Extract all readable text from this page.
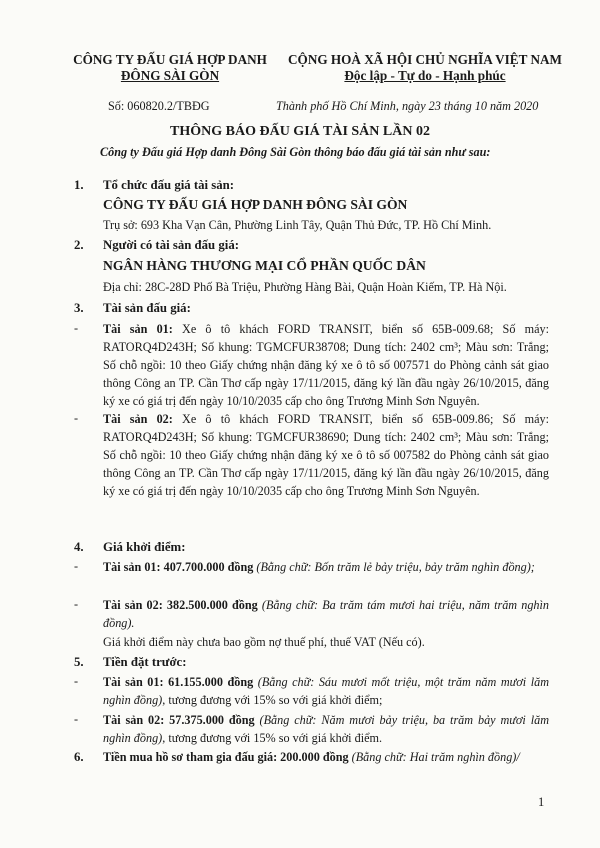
CÔNG TY ĐẤU GIÁ HỢP DANH
ĐÔNG SÀI GÒN
CỘNG HOÀ XÃ HỘI CHỦ NGHĨA VIỆT NAM
Độc lập - Tự do - Hạnh phúc
Số: 060820.2/TBĐG	Thành phố Hồ Chí Minh, ngày 23 tháng 10 năm 2020
THÔNG BÁO ĐẤU GIÁ TÀI SẢN LẦN 02
Công ty Đấu giá Hợp danh Đông Sài Gòn thông báo đấu giá tài sản như sau:
1. Tổ chức đấu giá tài sản:
CÔNG TY ĐẤU GIÁ HỢP DANH ĐÔNG SÀI GÒN
Trụ sở: 693 Kha Vạn Cân, Phường Linh Tây, Quận Thủ Đức, TP. Hồ Chí Minh.
2. Người có tài sản đấu giá:
NGÂN HÀNG THƯƠNG MẠI CỔ PHẦN QUỐC DÂN
Địa chỉ: 28C-28D Phố Bà Triệu, Phường Hàng Bài, Quận Hoàn Kiếm, TP. Hà Nội.
3. Tài sản đấu giá:
- Tài sản 01: Xe ô tô khách FORD TRANSIT, biển số 65B-009.68; Số máy: RATORQ4D243H; Số khung: TGMCFUR38708; Dung tích: 2402 cm³; Màu sơn: Trắng; Số chỗ ngồi: 10 theo Giấy chứng nhận đăng ký xe ô tô số 007571 do Phòng cảnh sát giao thông Công an TP. Cần Thơ cấp ngày 17/11/2015, đăng ký lần đầu ngày 26/10/2015, đăng ký xe có giá trị đến ngày 10/10/2035 cấp cho ông Trương Minh Sơn Nguyên.
- Tài sản 02: Xe ô tô khách FORD TRANSIT, biển số 65B-009.86; Số máy: RATORQ4D243H; Số khung: TGMCFUR38690; Dung tích: 2402 cm³; Màu sơn: Trắng; Số chỗ ngồi: 10 theo Giấy chứng nhận đăng ký xe ô tô số 007582 do Phòng cảnh sát giao thông Công an TP. Cần Thơ cấp ngày 17/11/2015, đăng ký lần đầu ngày 26/10/2015, đăng ký xe có giá trị đến ngày 10/10/2035 cấp cho ông Trương Minh Sơn Nguyên.
4. Giá khởi điểm:
- Tài sản 01: 407.700.000 đồng (Bằng chữ: Bốn trăm lẻ bảy triệu, bảy trăm nghìn đồng);
- Tài sản 02: 382.500.000 đồng (Bằng chữ: Ba trăm tám mươi hai triệu, năm trăm nghìn đồng).
Giá khởi điểm này chưa bao gồm nợ thuế phí, thuế VAT (Nếu có).
5. Tiền đặt trước:
- Tài sản 01: 61.155.000 đồng (Bằng chữ: Sáu mươi mốt triệu, một trăm năm mươi lăm nghìn đồng), tương đương với 15% so với giá khởi điểm;
- Tài sản 02: 57.375.000 đồng (Bằng chữ: Năm mươi bảy triệu, ba trăm bảy mươi lăm nghìn đồng), tương đương với 15% so với giá khởi điểm.
6. Tiền mua hồ sơ tham gia đấu giá: 200.000 đồng (Bằng chữ: Hai trăm nghìn đồng)/
1
